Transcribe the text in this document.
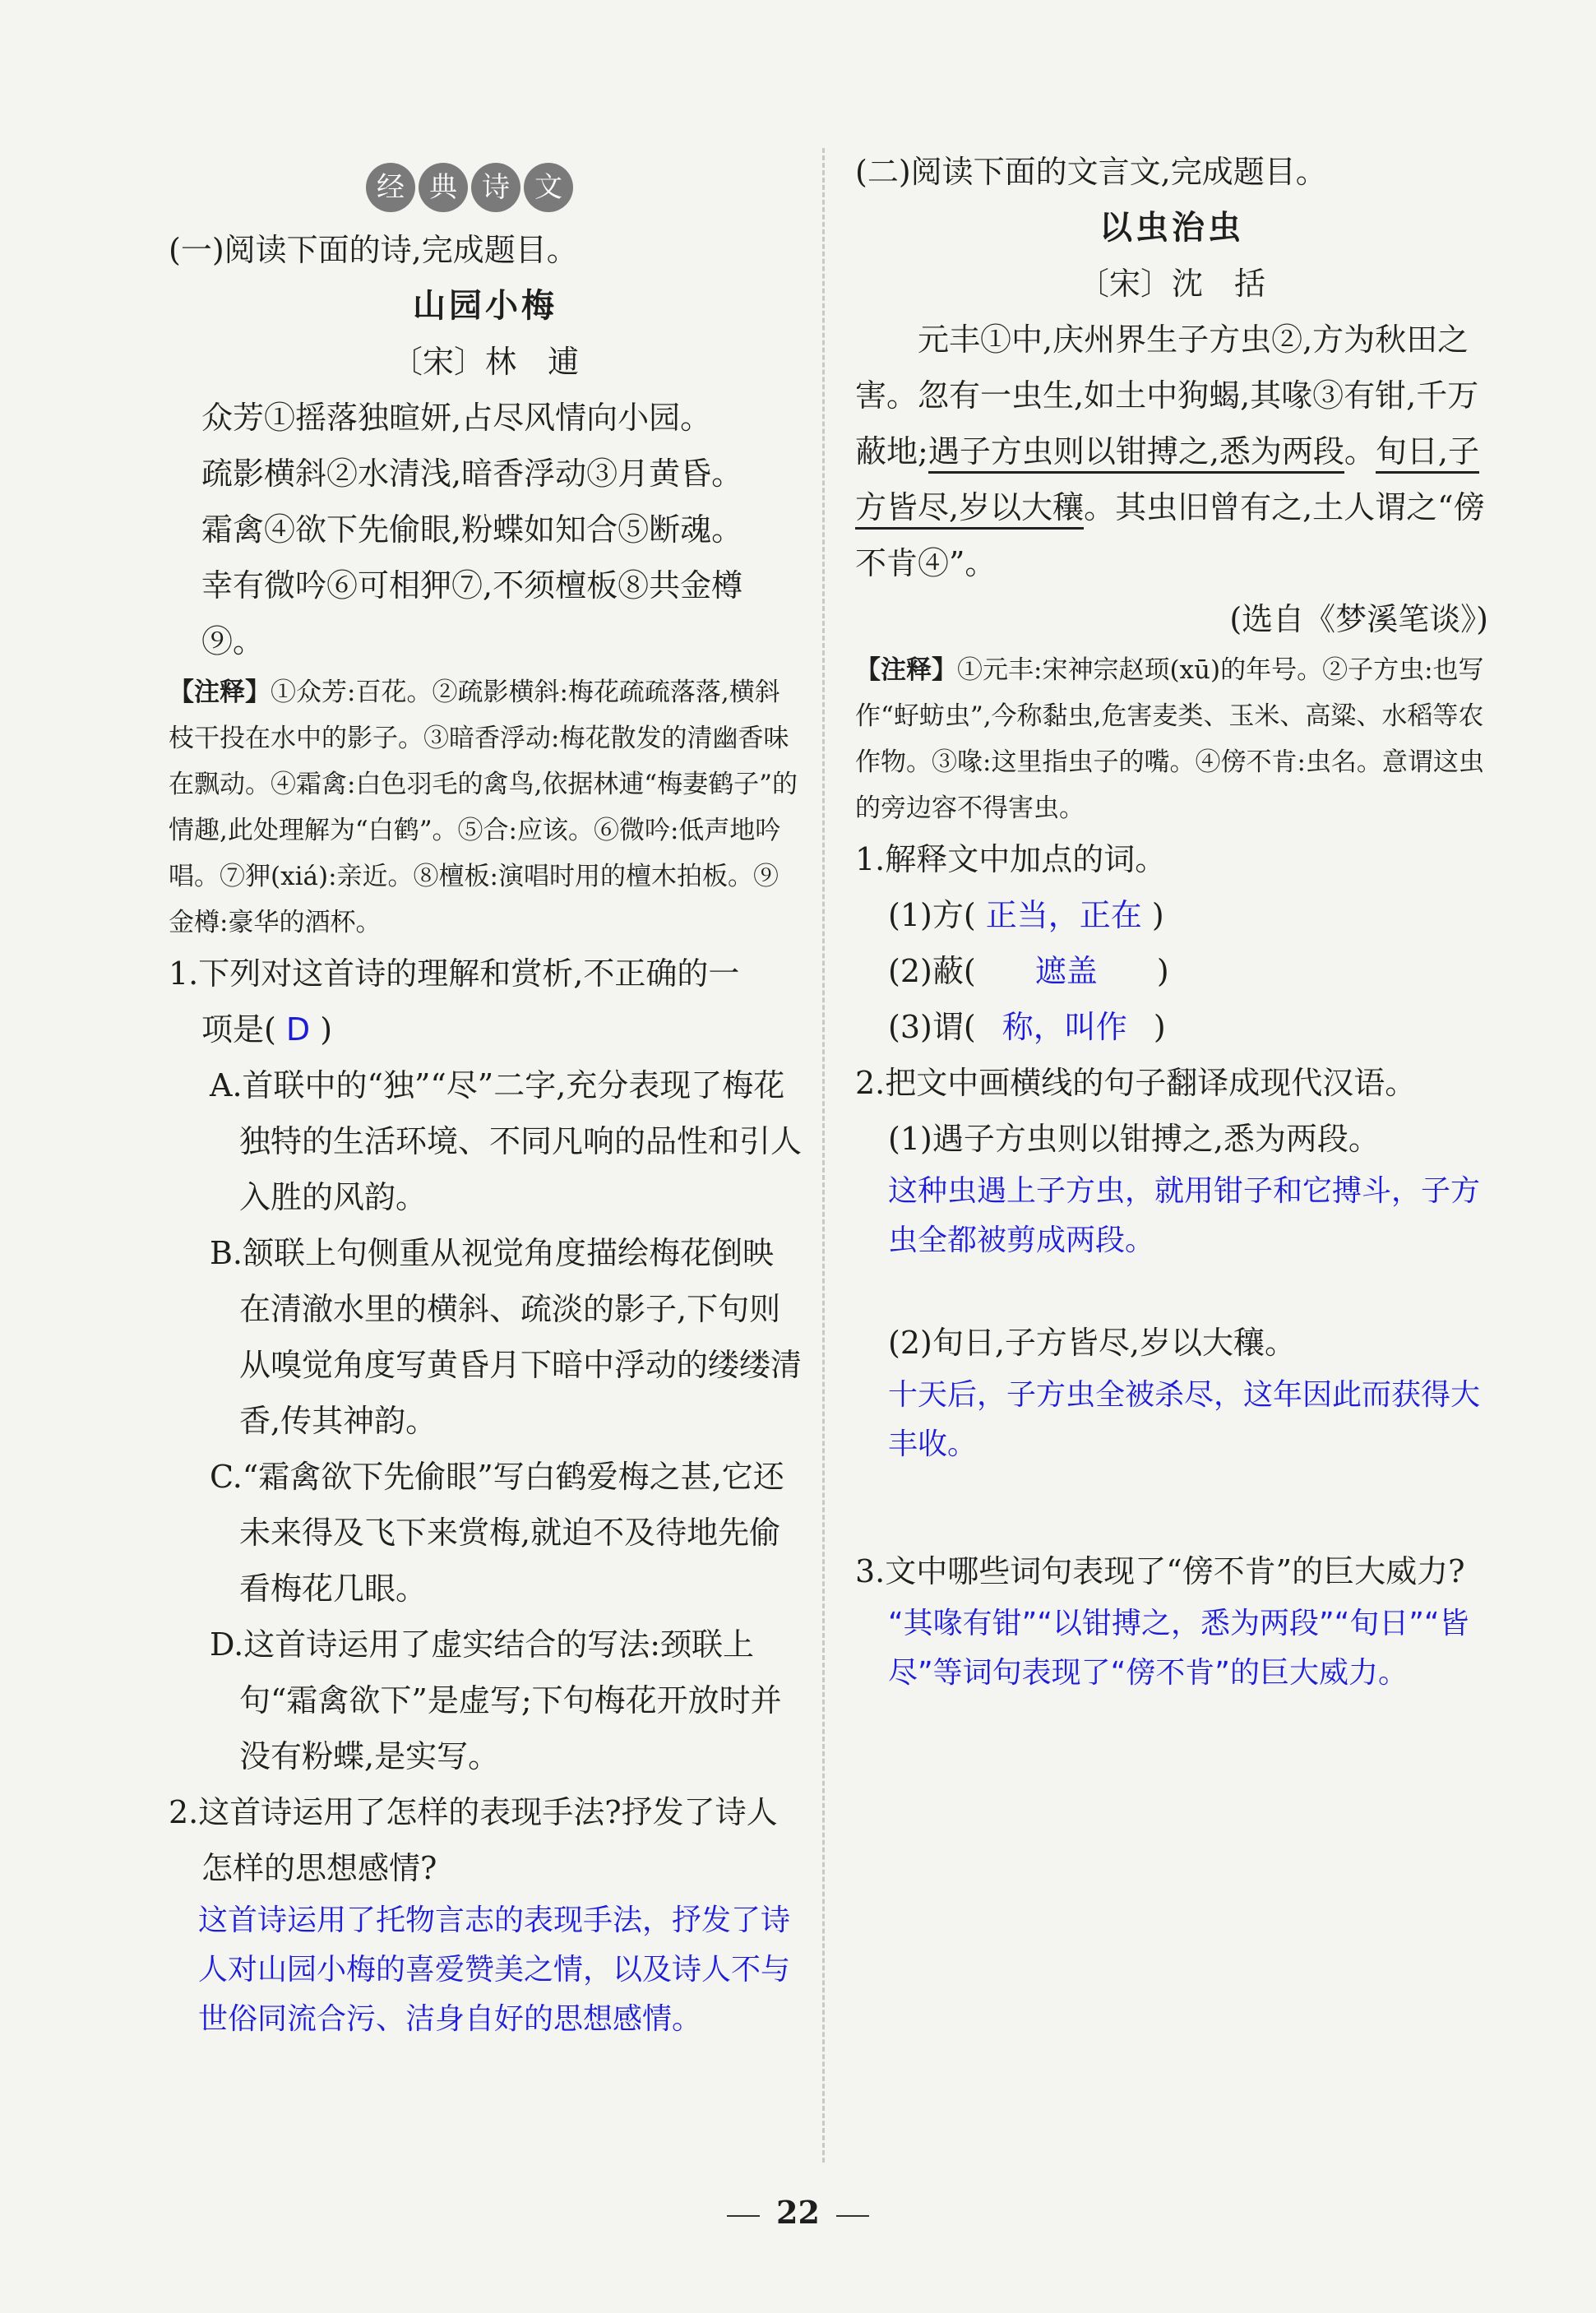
经 典 诗 文

(一)阅读下面的诗,完成题目。

山园小梅

〔宋〕林　逋

众芳①摇落独暄妍,占尽风情向小园。

疏影横斜②水清浅,暗香浮动③月黄昏。

霜禽④欲下先偷眼,粉蝶如知合⑤断魂。

幸有微吟⑥可相狎⑦,不须檀板⑧共金樽⑨。

【注释】①众芳:百花。②疏影横斜:梅花疏疏落落,横斜枝干投在水中的影子。③暗香浮动:梅花散发的清幽香味在飘动。④霜禽:白色羽毛的禽鸟,依据林逋“梅妻鹤子”的情趣,此处理解为“白鹤”。⑤合:应该。⑥微吟:低声地吟唱。⑦狎(xiá):亲近。⑧檀板:演唱时用的檀木拍板。⑨金樽:豪华的酒杯。

1.下列对这首诗的理解和赏析,不正确的一

项是( D )

A.首联中的“独”“尽”二字,充分表现了梅花独特的生活环境、不同凡响的品性和引人入胜的风韵。

B.颔联上句侧重从视觉角度描绘梅花倒映在清澈水里的横斜、疏淡的影子,下句则从嗅觉角度写黄昏月下暗中浮动的缕缕清香,传其神韵。

C.“霜禽欲下先偷眼”写白鹤爱梅之甚,它还未来得及飞下来赏梅,就迫不及待地先偷看梅花几眼。

D.这首诗运用了虚实结合的写法:颈联上句“霜禽欲下”是虚写;下句梅花开放时并没有粉蝶,是实写。

2.这首诗运用了怎样的表现手法?抒发了诗人怎样的思想感情?

这首诗运用了托物言志的表现手法，抒发了诗人对山园小梅的喜爱赞美之情，以及诗人不与世俗同流合污、洁身自好的思想感情。

(二)阅读下面的文言文,完成题目。

以虫治虫

〔宋〕沈　括

元丰①中,庆州界生子方虫②,方为秋田之害。忽有一虫生,如土中狗蝎,其喙③有钳,千万蔽地;遇子方虫则以钳搏之,悉为两段。旬日,子方皆尽,岁以大穰。其虫旧曾有之,土人谓之“傍不肯④”。

(选自《梦溪笔谈》)

【注释】①元丰:宋神宗赵顼(xū)的年号。②子方虫:也写作“虸蚄虫”,今称黏虫,危害麦类、玉米、高粱、水稻等农作物。③喙:这里指虫子的嘴。④傍不肯:虫名。意谓这虫的旁边容不得害虫。

1.解释文中加点的词。

(1)方( 正当，正在 )

(2)蔽( 遮盖 )

(3)谓( 称，叫作 )

2.把文中画横线的句子翻译成现代汉语。

(1)遇子方虫则以钳搏之,悉为两段。

这种虫遇上子方虫，就用钳子和它搏斗，子方虫全都被剪成两段。

(2)旬日,子方皆尽,岁以大穰。

十天后，子方虫全被杀尽，这年因此而获得大丰收。

3.文中哪些词句表现了“傍不肯”的巨大威力?

“其喙有钳”“以钳搏之，悉为两段”“旬日”“皆尽”等词句表现了“傍不肯”的巨大威力。

22
